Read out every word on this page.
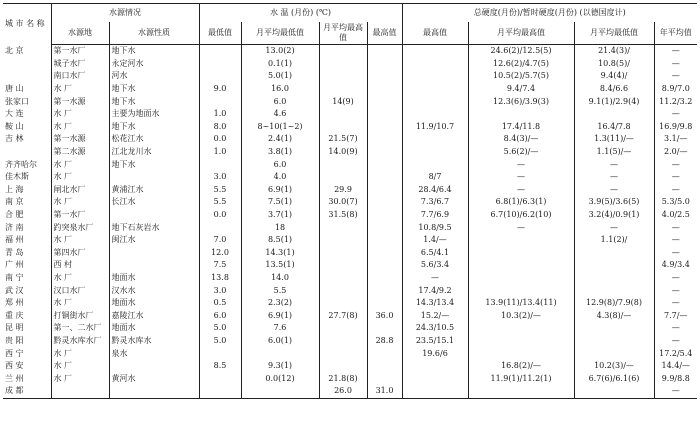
城 市 名 称	水源情况		水 温 (月份) (℃)				总硬度(月份)/暂时硬度(月份) (以德国度计)			
	水源地	水源性质	最低值	月平均最低值	月平均最高值	最高值	最高值	月平均最高值	月平均最低值	年平均值
北 京	第一水厂	地下水		13.0(2)				24.6(2)/12.5(5)	21.4(3)/	—
	城子水厂	永定河水		0.1(1)				12.6(2)/4.7(5)	10.8(5)/	—
	南口水厂	河水		5.0(1)				10.5(2)/5.7(5)	9.4(4)/	—
唐 山	水 厂	地下水	9.0	16.0				9.4/7.4	8.4/6.6	8.9/7.0
张家口	第一水源	地下水		6.0	14(9)			12.3(6)/3.9(3)	9.1(1)/2.9(4)	11.2/3.2
大 连	水 厂	主要为地面水	1.0	4.6						—
鞍 山	水 厂	地下水	8.0	8~10(1~2)			11.9/10.7	17.4/11.8	16.4/7.8	16.9/9.8
吉 林	第一水源	松花江水	0.0	2.4(1)	21.5(7)			8.4(3)/—	1.3(11)/—	3.1/—
	第二水源	江北龙川水	1.0	3.8(1)	14.0(9)			5.6(2)/—	1.1(5)/—	2.0/—
齐齐哈尔	水 厂	地下水		6.0				—	—	—
佳木斯	水 厂		3.0	4.0			8/7	—	—	—
上 海	闸北水厂	黄浦江水	5.5	6.9(1)	29.9		28.4/6.4	—	—	—
南 京	水 厂	长江水	5.5	7.5(1)	30.0(7)		7.3/6.7	6.8(1)/6.3(1)	3.9(5)/3.6(5)	5.3/5.0
合 肥	第一水厂		0.0	3.7(1)	31.5(8)		7.7/6.9	6.7(10)/6.2(10)	3.2(4)/0.9(1)	4.0/2.5
济 南	趵突泉水厂	地下石灰岩水		18			10.8/9.5	—	—	—
福 州	水 厂	闽江水	7.0	8.5(1)			1.4/—		1.1(2)/	—
青 岛	第四水厂		12.0	14.3(1)			6.5/4.1			—
广 州	西 村		7.5	13.5(1)			5.6/3.4			4.9/3.4
南 宁	水 厂	地面水	13.8	14.0			—			—
武 汉	汉口水厂	汉水水	3.0	5.5			17.4/9.2			—
郑 州	水 厂	地面水	0.5	2.3(2)			14.3/13.4	13.9(11)/13.4(11)	12.9(8)/7.9(8)	—
重 庆	打铜街水厂	嘉陵江水	6.0	6.9(1)	27.7(8)	36.0	15.2/—	10.3(2)/—	4.3(8)/—	7.7/—
昆 明	第一、二水厂	地面水	5.0	7.6			24.3/10.5			—
贵 阳	黔灵水库水厂	黔灵水库水	5.0	6.0(1)		28.8	23.5/15.1			—
西 宁	水 厂	泉水					19.6/6			17.2/5.4
西 安	水 厂		8.5	9.3(1)				16.8(2)/—	10.2(3)/—	14.4/—
兰 州	水 厂	黄河水		0.0(12)	21.8(8)			11.9(1)/11.2(1)	6.7(6)/6.1(6)	9.9/8.8
成 都					26.0	31.0				—
